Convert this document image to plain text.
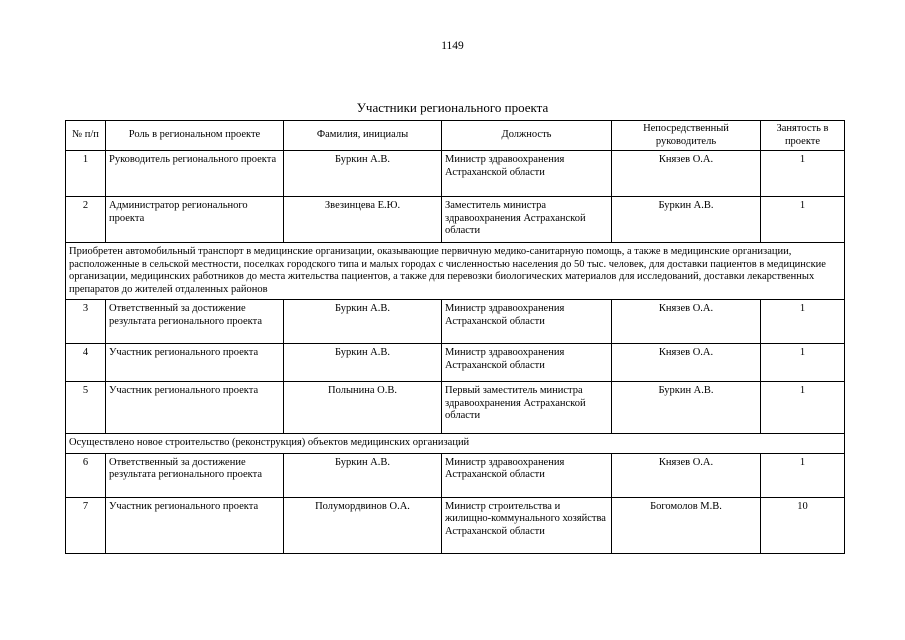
1149
Участники регионального проекта
№ п/п	Роль в региональном проекте	Фамилия, инициалы	Должность	Непосредственный руководитель	Занятость в проекте
1	Руководитель регионального проекта	Буркин А.В.	Министр здравоохранения Астраханской области	Князев О.А.	1
2	Администратор регионального проекта	Звезинцева Е.Ю.	Заместитель министра здравоохранения Астраханской области	Буркин А.В.	1
Приобретен автомобильный транспорт в медицинские организации, оказывающие первичную медико-санитарную помощь, а также в медицинские организации, расположенные в сельской местности, поселках городского типа и малых городах с численностью населения до 50 тыс. человек, для доставки пациентов в медицинские организации, медицинских работников до места жительства пациентов, а также для перевозки биологических материалов для исследований, доставки лекарственных препаратов до жителей отдаленных районов					
3	Ответственный за достижение результата регионального проекта	Буркин А.В.	Министр здравоохранения Астраханской области	Князев О.А.	1
4	Участник регионального проекта	Буркин А.В.	Министр здравоохранения Астраханской области	Князев О.А.	1
5	Участник регионального проекта	Полынина О.В.	Первый заместитель министра здравоохранения Астраханской области	Буркин А.В.	1
Осуществлено новое строительство (реконструкция) объектов медицинских организаций					
6	Ответственный за достижение результата регионального проекта	Буркин А.В.	Министр здравоохранения Астраханской области	Князев О.А.	1
7	Участник регионального проекта	Полумордвинов О.А.	Министр строительства и жилищно-коммунального хозяйства Астраханской области	Богомолов М.В.	10
